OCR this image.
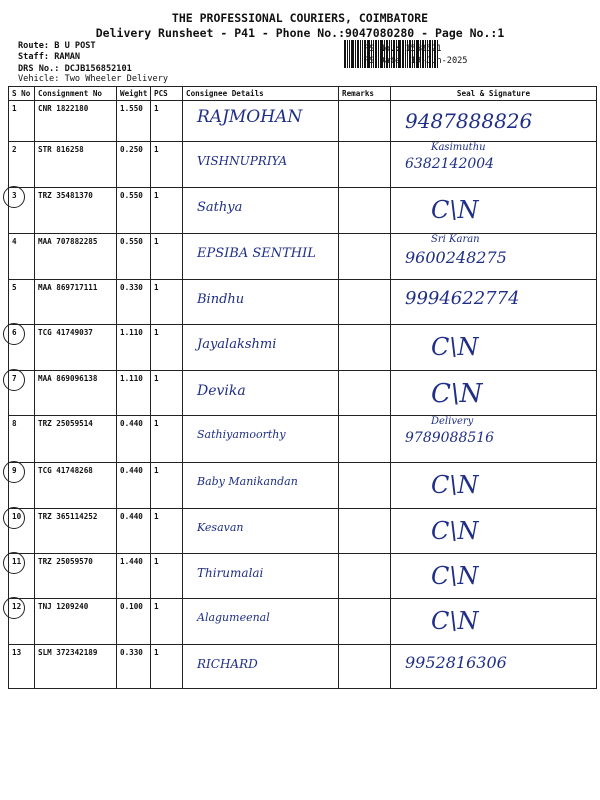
THE PROFESSIONAL COURIERS, COIMBATORE
Delivery Runsheet - P41 - Phone No.:9047080280 - Page No.:1
Route: B U POST
Staff: RAMAN
DRS No.: DCJB156852101
Vehicle: Two Wheeler Delivery
RS No.: 1568521
RS Date: 19-Jun-2025
S No	Consignment No	Weight	PCS	Consignee Details	Remarks	Seal & Signature
1	CNR 1822180	1.550	1	RAJMOHAN		9487888826

2	STR 816258	0.250	1	VISHNUPRIYA		Kasimuthu
6382142004

3	TRZ 35481370	0.550	1	Sathya		C\N

4	MAA 707882285	0.550	1	EPSIBA SENTHIL		Sri Karan
9600248275

5	MAA 869717111	0.330	1	Bindhu		9994622774

6	TCG 41749037	1.110	1	Jayalakshmi		C\N

7	MAA 869096138	1.110	1	Devika		C\N

8	TRZ 25059514	0.440	1	Sathiyamoorthy		Delivery
9789088516

9	TCG 41748268	0.440	1	Baby Manikandan		C\N

10	TRZ 365114252	0.440	1	Kesavan		C\N

11	TRZ 25059570	1.440	1	Thirumalai		C\N

12	TNJ 1209240	0.100	1	Alagumeenal		C\N

13	SLM 372342189	0.330	1	RICHARD		9952816306
